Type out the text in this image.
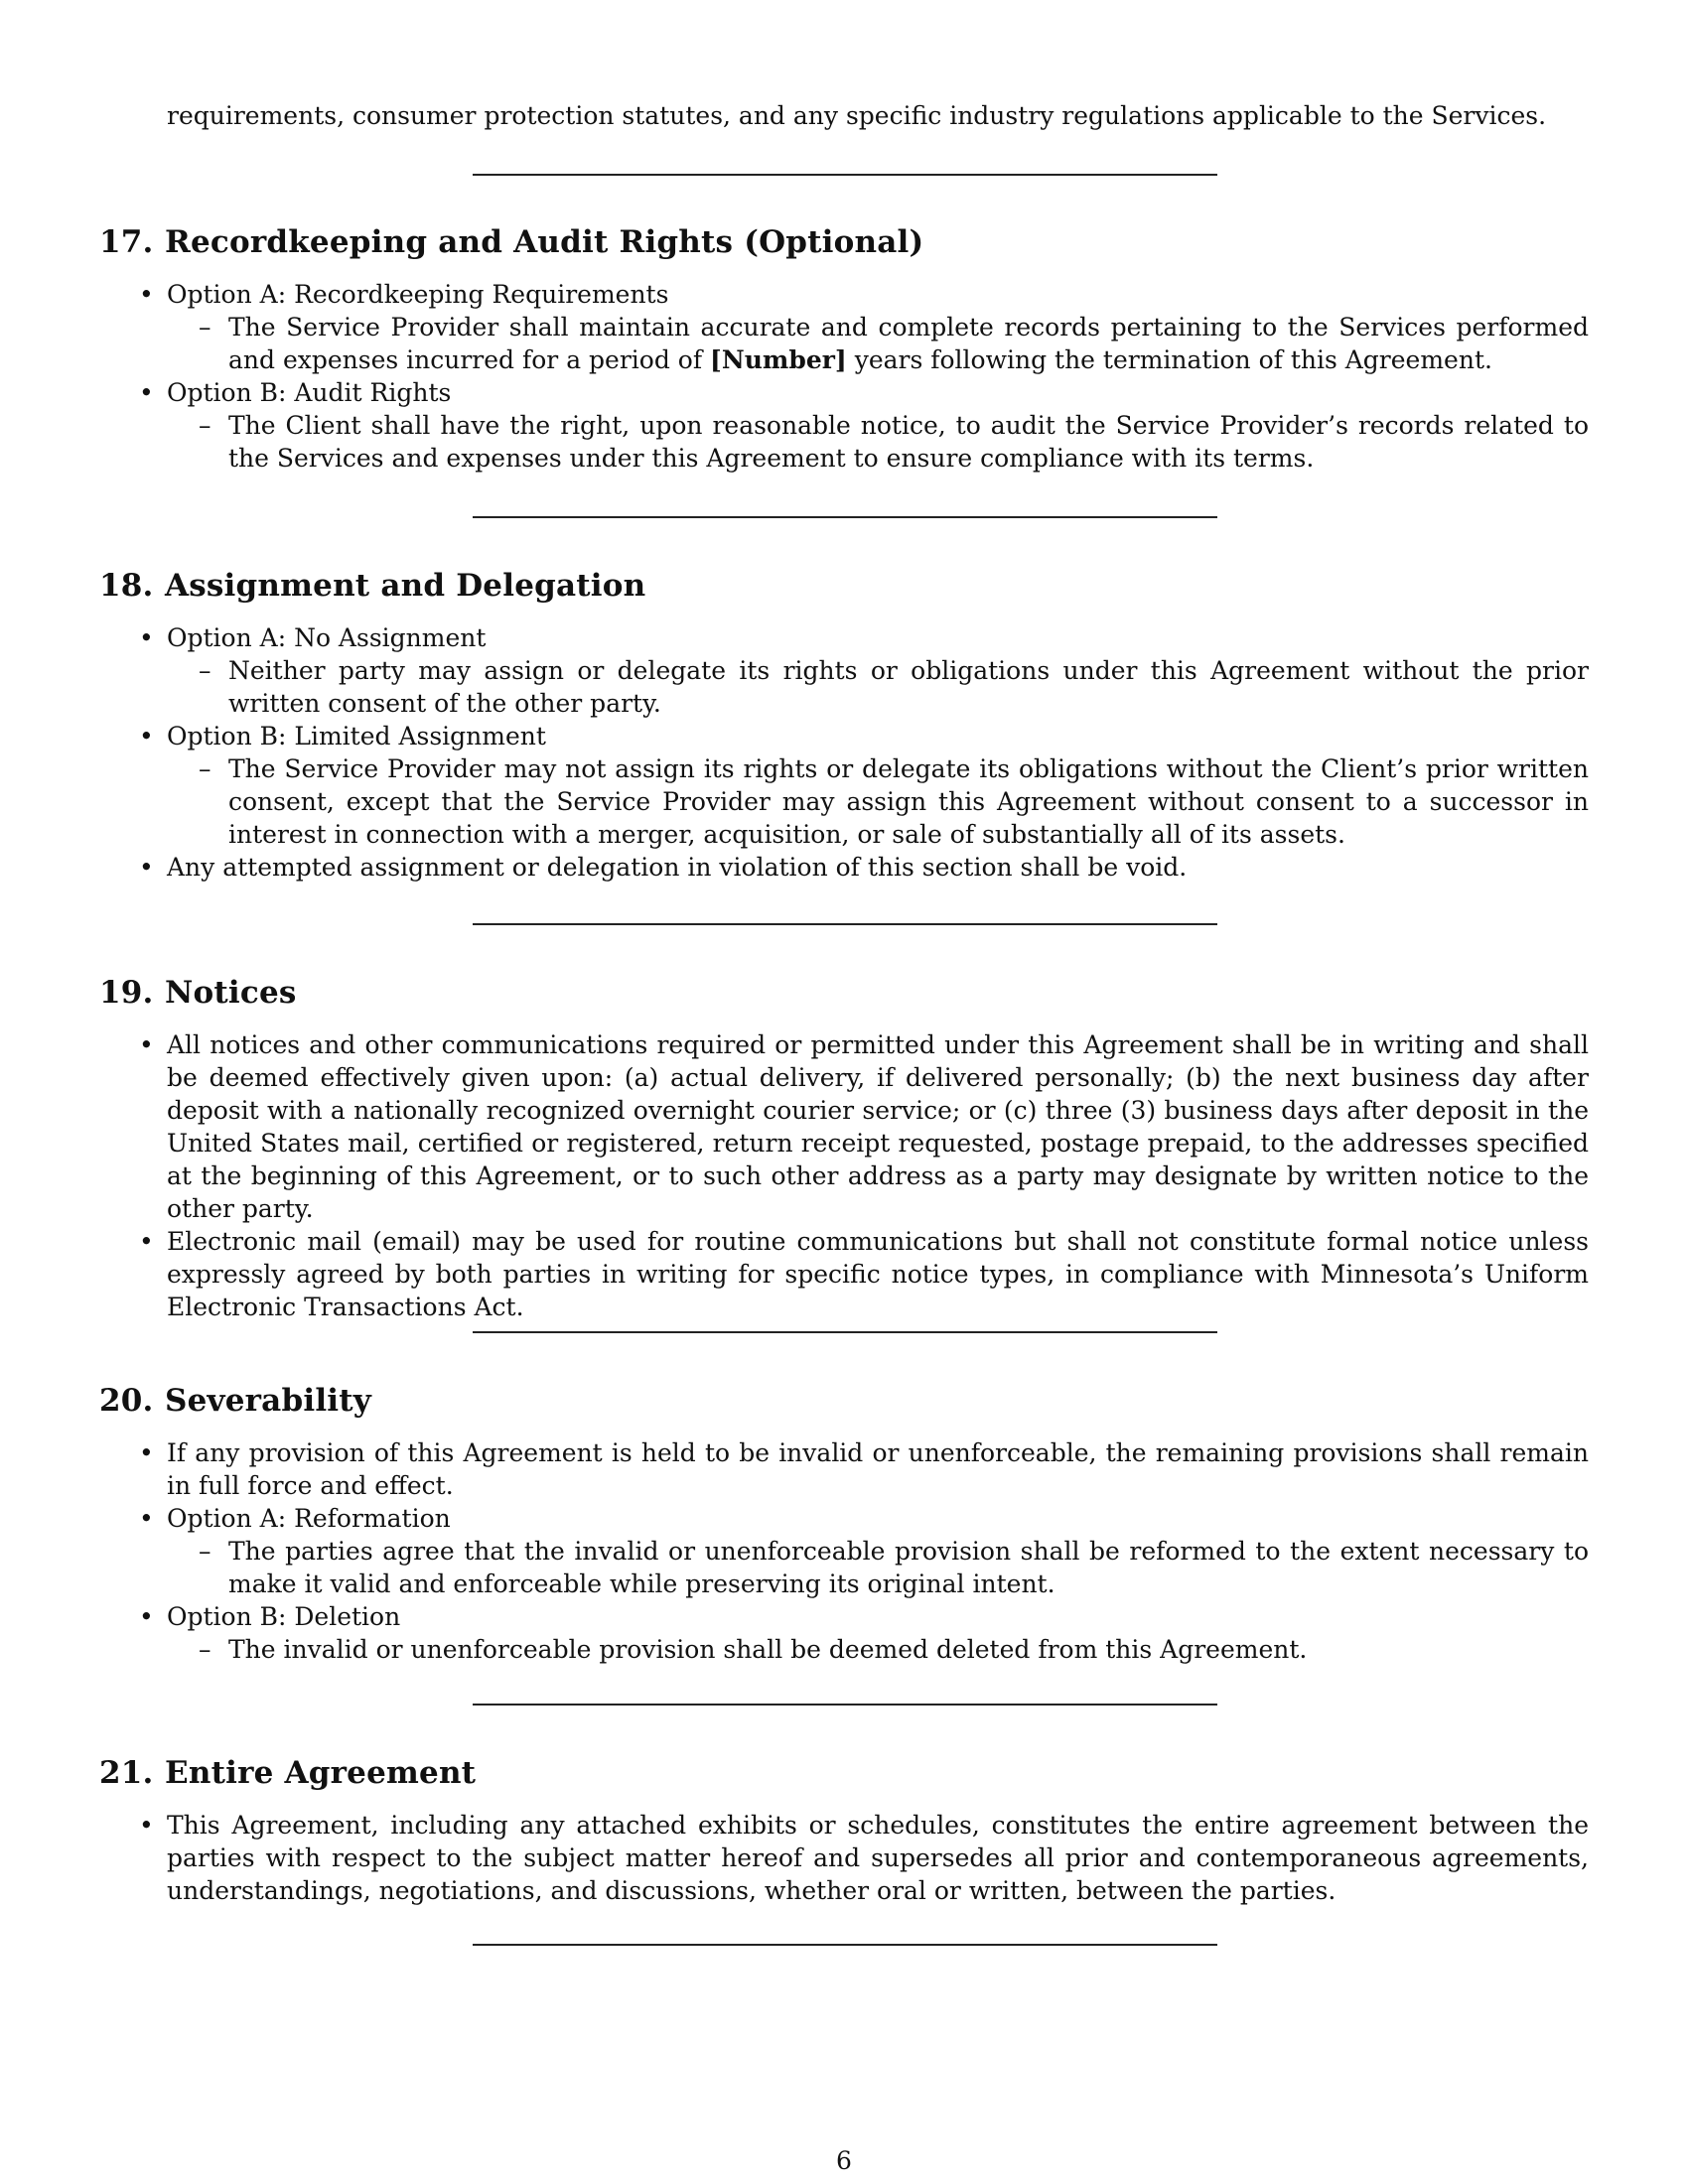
requirements, consumer protection statutes, and any specific industry regulations applicable to the Services.
17. Recordkeeping and Audit Rights (Optional)
• Option A: Recordkeeping Requirements
– The Service Provider shall maintain accurate and complete records pertaining to the Services performed and expenses incurred for a period of [Number] years following the termination of this Agreement.
• Option B: Audit Rights
– The Client shall have the right, upon reasonable notice, to audit the Service Provider’s records related to the Services and expenses under this Agreement to ensure compliance with its terms.
18. Assignment and Delegation
• Option A: No Assignment
– Neither party may assign or delegate its rights or obligations under this Agreement without the prior written consent of the other party.
• Option B: Limited Assignment
– The Service Provider may not assign its rights or delegate its obligations without the Client’s prior written consent, except that the Service Provider may assign this Agreement without consent to a successor in interest in connection with a merger, acquisition, or sale of substantially all of its assets.
• Any attempted assignment or delegation in violation of this section shall be void.
19. Notices
• All notices and other communications required or permitted under this Agreement shall be in writing and shall be deemed effectively given upon: (a) actual delivery, if delivered personally; (b) the next business day after deposit with a nationally recognized overnight courier service; or (c) three (3) business days after deposit in the United States mail, certified or registered, return receipt requested, postage prepaid, to the addresses specified at the beginning of this Agreement, or to such other address as a party may designate by written notice to the other party.
• Electronic mail (email) may be used for routine communications but shall not constitute formal notice unless expressly agreed by both parties in writing for specific notice types, in compliance with Minnesota’s Uniform Electronic Transactions Act.
20. Severability
• If any provision of this Agreement is held to be invalid or unenforceable, the remaining provisions shall remain in full force and effect.
• Option A: Reformation
– The parties agree that the invalid or unenforceable provision shall be reformed to the extent necessary to make it valid and enforceable while preserving its original intent.
• Option B: Deletion
– The invalid or unenforceable provision shall be deemed deleted from this Agreement.
21. Entire Agreement
• This Agreement, including any attached exhibits or schedules, constitutes the entire agreement between the parties with respect to the subject matter hereof and supersedes all prior and contemporaneous agreements, understandings, negotiations, and discussions, whether oral or written, between the parties.
6
